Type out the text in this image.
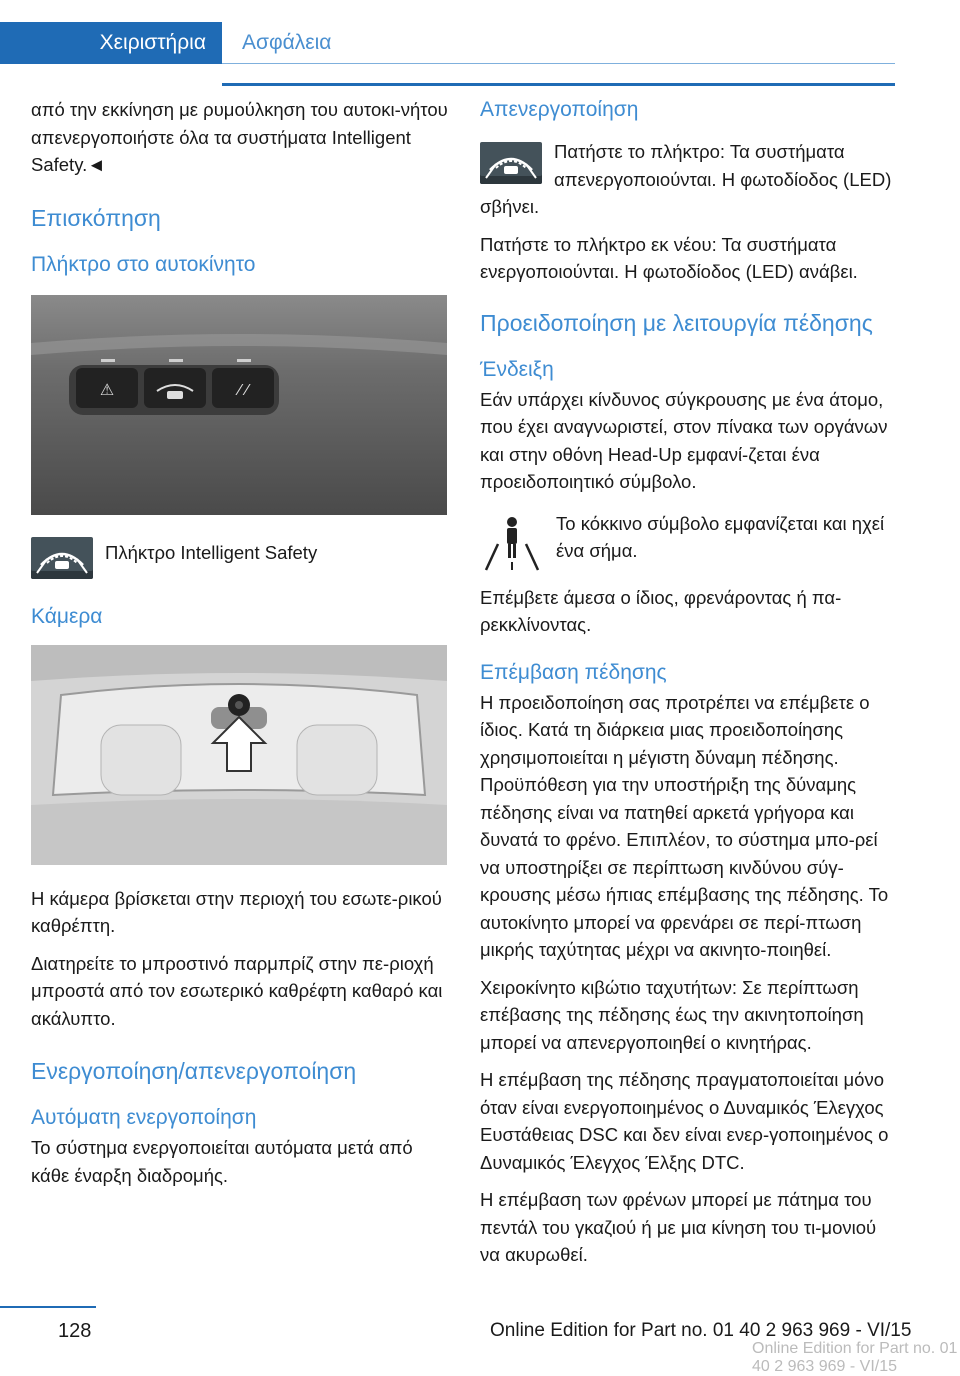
Χειριστήρια	Ασφάλεια

από την εκκίνηση με ρυμούλκηση του αυτοκι-νήτου απενεργοποιήστε όλα τα συστήματα Intelligent Safety.◄

Επισκόπηση
Πλήκτρο στο αυτοκίνητο
⚠	⁄ ⁄
Πλήκτρο Intelligent Safety
Κάμερα

Η κάμερα βρίσκεται στην περιοχή του εσωτε-ρικού καθρέπτη.

Διατηρείτε το μπροστινό παρμπρίζ στην πε-ριοχή μπροστά από τον εσωτερικό καθρέφτη καθαρό και ακάλυπτο.

Ενεργοποίηση/απενεργοποίηση
Αυτόματη ενεργοποίηση

Το σύστημα ενεργοποιείται αυτόματα μετά από κάθε έναρξη διαδρομής.

Απενεργοποίηση
Πατήστε το πλήκτρο: Τα συστήματα απενεργοποιούνται. Η φωτοδίοδος (LED) σβήνει.

Πατήστε το πλήκτρο εκ νέου: Τα συστήματα ενεργοποιούνται. Η φωτοδίοδος (LED) ανάβει.

Προειδοποίηση με λειτουργία πέδησης
Ένδειξη

Εάν υπάρχει κίνδυνος σύγκρουσης με ένα άτομο, που έχει αναγνωριστεί, στον πίνακα των οργάνων και στην οθόνη Head-Up εμφανί-ζεται ένα προειδοποιητικό σύμβολο.

Το κόκκινο σύμβολο εμφανίζεται και ηχεί ένα σήμα.

Επέμβετε άμεσα ο ίδιος, φρενάροντας ή πα-ρεκκλίνοντας.

Επέμβαση πέδησης

Η προειδοποίηση σας προτρέπει να επέμβετε ο ίδιος. Κατά τη διάρκεια μιας προειδοποίησης χρησιμοποιείται η μέγιστη δύναμη πέδησης. Προϋπόθεση για την υποστήριξη της δύναμης πέδησης είναι να πατηθεί αρκετά γρήγορα και δυνατά το φρένο. Επιπλέον, το σύστημα μπο-ρεί να υποστηρίξει σε περίπτωση κινδύνου σύγ-κρουσης μέσω ήπιας επέμβασης της πέδησης. Το αυτοκίνητο μπορεί να φρενάρει σε περί-πτωση μικρής ταχύτητας μέχρι να ακινητο-ποιηθεί.

Χειροκίνητο κιβώτιο ταχυτήτων: Σε περίπτωση επέβασης της πέδησης έως την ακινητοποίηση μπορεί να απενεργοποιηθεί ο κινητήρας.

Η επέμβαση της πέδησης πραγματοποιείται μόνο όταν είναι ενεργοποιημένος ο Δυναμικός Έλεγχος Ευστάθειας DSC και δεν είναι ενερ-γοποιημένος ο Δυναμικός Έλεγχος Έλξης DTC.

Η επέμβαση των φρένων μπορεί με πάτημα του πεντάλ του γκαζιού ή με μια κίνηση του τι-μονιού να ακυρωθεί.

128	Online Edition for Part no. 01 40 2 963 969 - VI/15
Online Edition for Part no. 01 40 2 963 969 - VI/15
